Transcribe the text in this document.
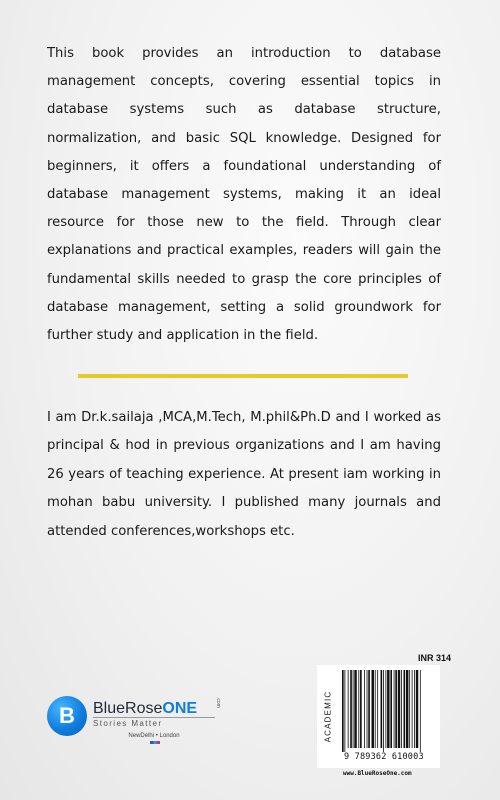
This book provides an introduction to database management concepts, covering essential topics in database systems such as database structure, normalization, and basic SQL knowledge. Designed for beginners, it offers a foundational understanding of database management systems, making it an ideal resource for those new to the field. Through clear explanations and practical examples, readers will gain the fundamental skills needed to grasp the core principles of database management, setting a solid groundwork for further study and application in the field.

I am Dr.k.sailaja ,MCA,M.Tech, M.phil&Ph.D and I worked as principal & hod in previous organizations and I am having 26 years of teaching experience. At present iam working in mohan babu university. I published many journals and attended conferences,workshops etc.

B	BlueRoseONE	.com
Stories Matter
NewDelhi • London
INR 314
ACADEMIC
9 789362 610003
www.BlueRoseOne.com
